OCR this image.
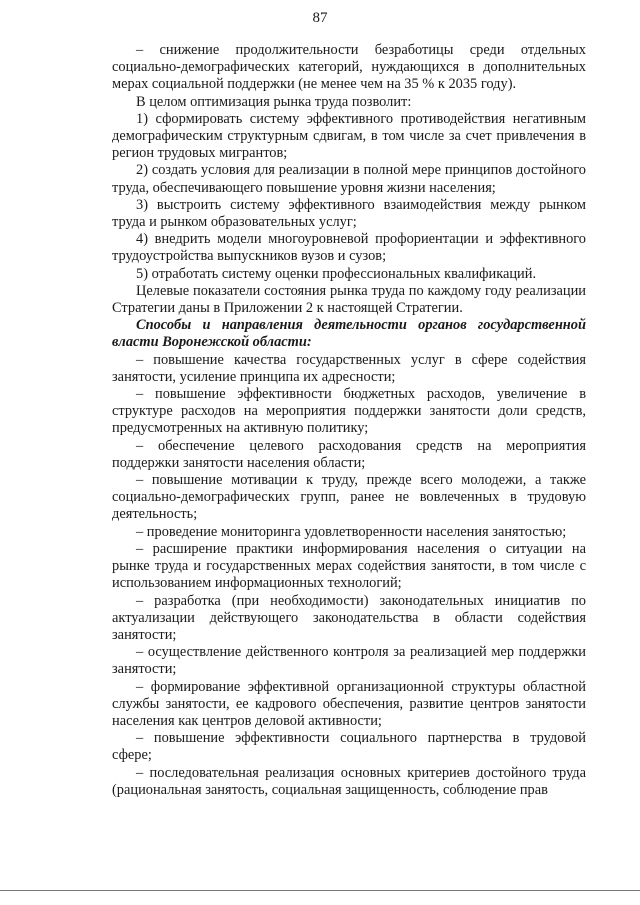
87

– снижение продолжительности безработицы среди отдельных социально-демографических категорий, нуждающихся в дополнительных мерах социальной поддержки (не менее чем на 35 % к 2035 году).

В целом оптимизация рынка труда позволит:

1) сформировать систему эффективного противодействия негативным демографическим структурным сдвигам, в том числе за счет привлечения в регион трудовых мигрантов;

2) создать условия для реализации в полной мере принципов достойного труда, обеспечивающего повышение уровня жизни населения;

3) выстроить систему эффективного взаимодействия между рынком труда и рынком образовательных услуг;

4) внедрить модели многоуровневой профориентации и эффективного трудоустройства выпускников вузов и сузов;

5) отработать систему оценки профессиональных квалификаций.

Целевые показатели состояния рынка труда по каждому году реализации Стратегии даны в Приложении 2 к настоящей Стратегии.

Способы и направления деятельности органов государственной власти Воронежской области:

– повышение качества государственных услуг в сфере содействия занятости, усиление принципа их адресности;

– повышение эффективности бюджетных расходов, увеличение в структуре расходов на мероприятия поддержки занятости доли средств, предусмотренных на активную политику;

– обеспечение целевого расходования средств на мероприятия поддержки занятости населения области;

– повышение мотивации к труду, прежде всего молодежи, а также социально-демографических групп, ранее не вовлеченных в трудовую деятельность;

– проведение мониторинга удовлетворенности населения занятостью;

– расширение практики информирования населения о ситуации на рынке труда и государственных мерах содействия занятости, в том числе с использованием информационных технологий;

– разработка (при необходимости) законодательных инициатив по актуализации действующего законодательства в области содействия занятости;

– осуществление действенного контроля за реализацией мер поддержки занятости;

– формирование эффективной организационной структуры областной службы занятости, ее кадрового обеспечения, развитие центров занятости населения как центров деловой активности;

– повышение эффективности социального партнерства в трудовой сфере;

– последовательная реализация основных критериев достойного труда (рациональная занятость, социальная защищенность, соблюдение прав
